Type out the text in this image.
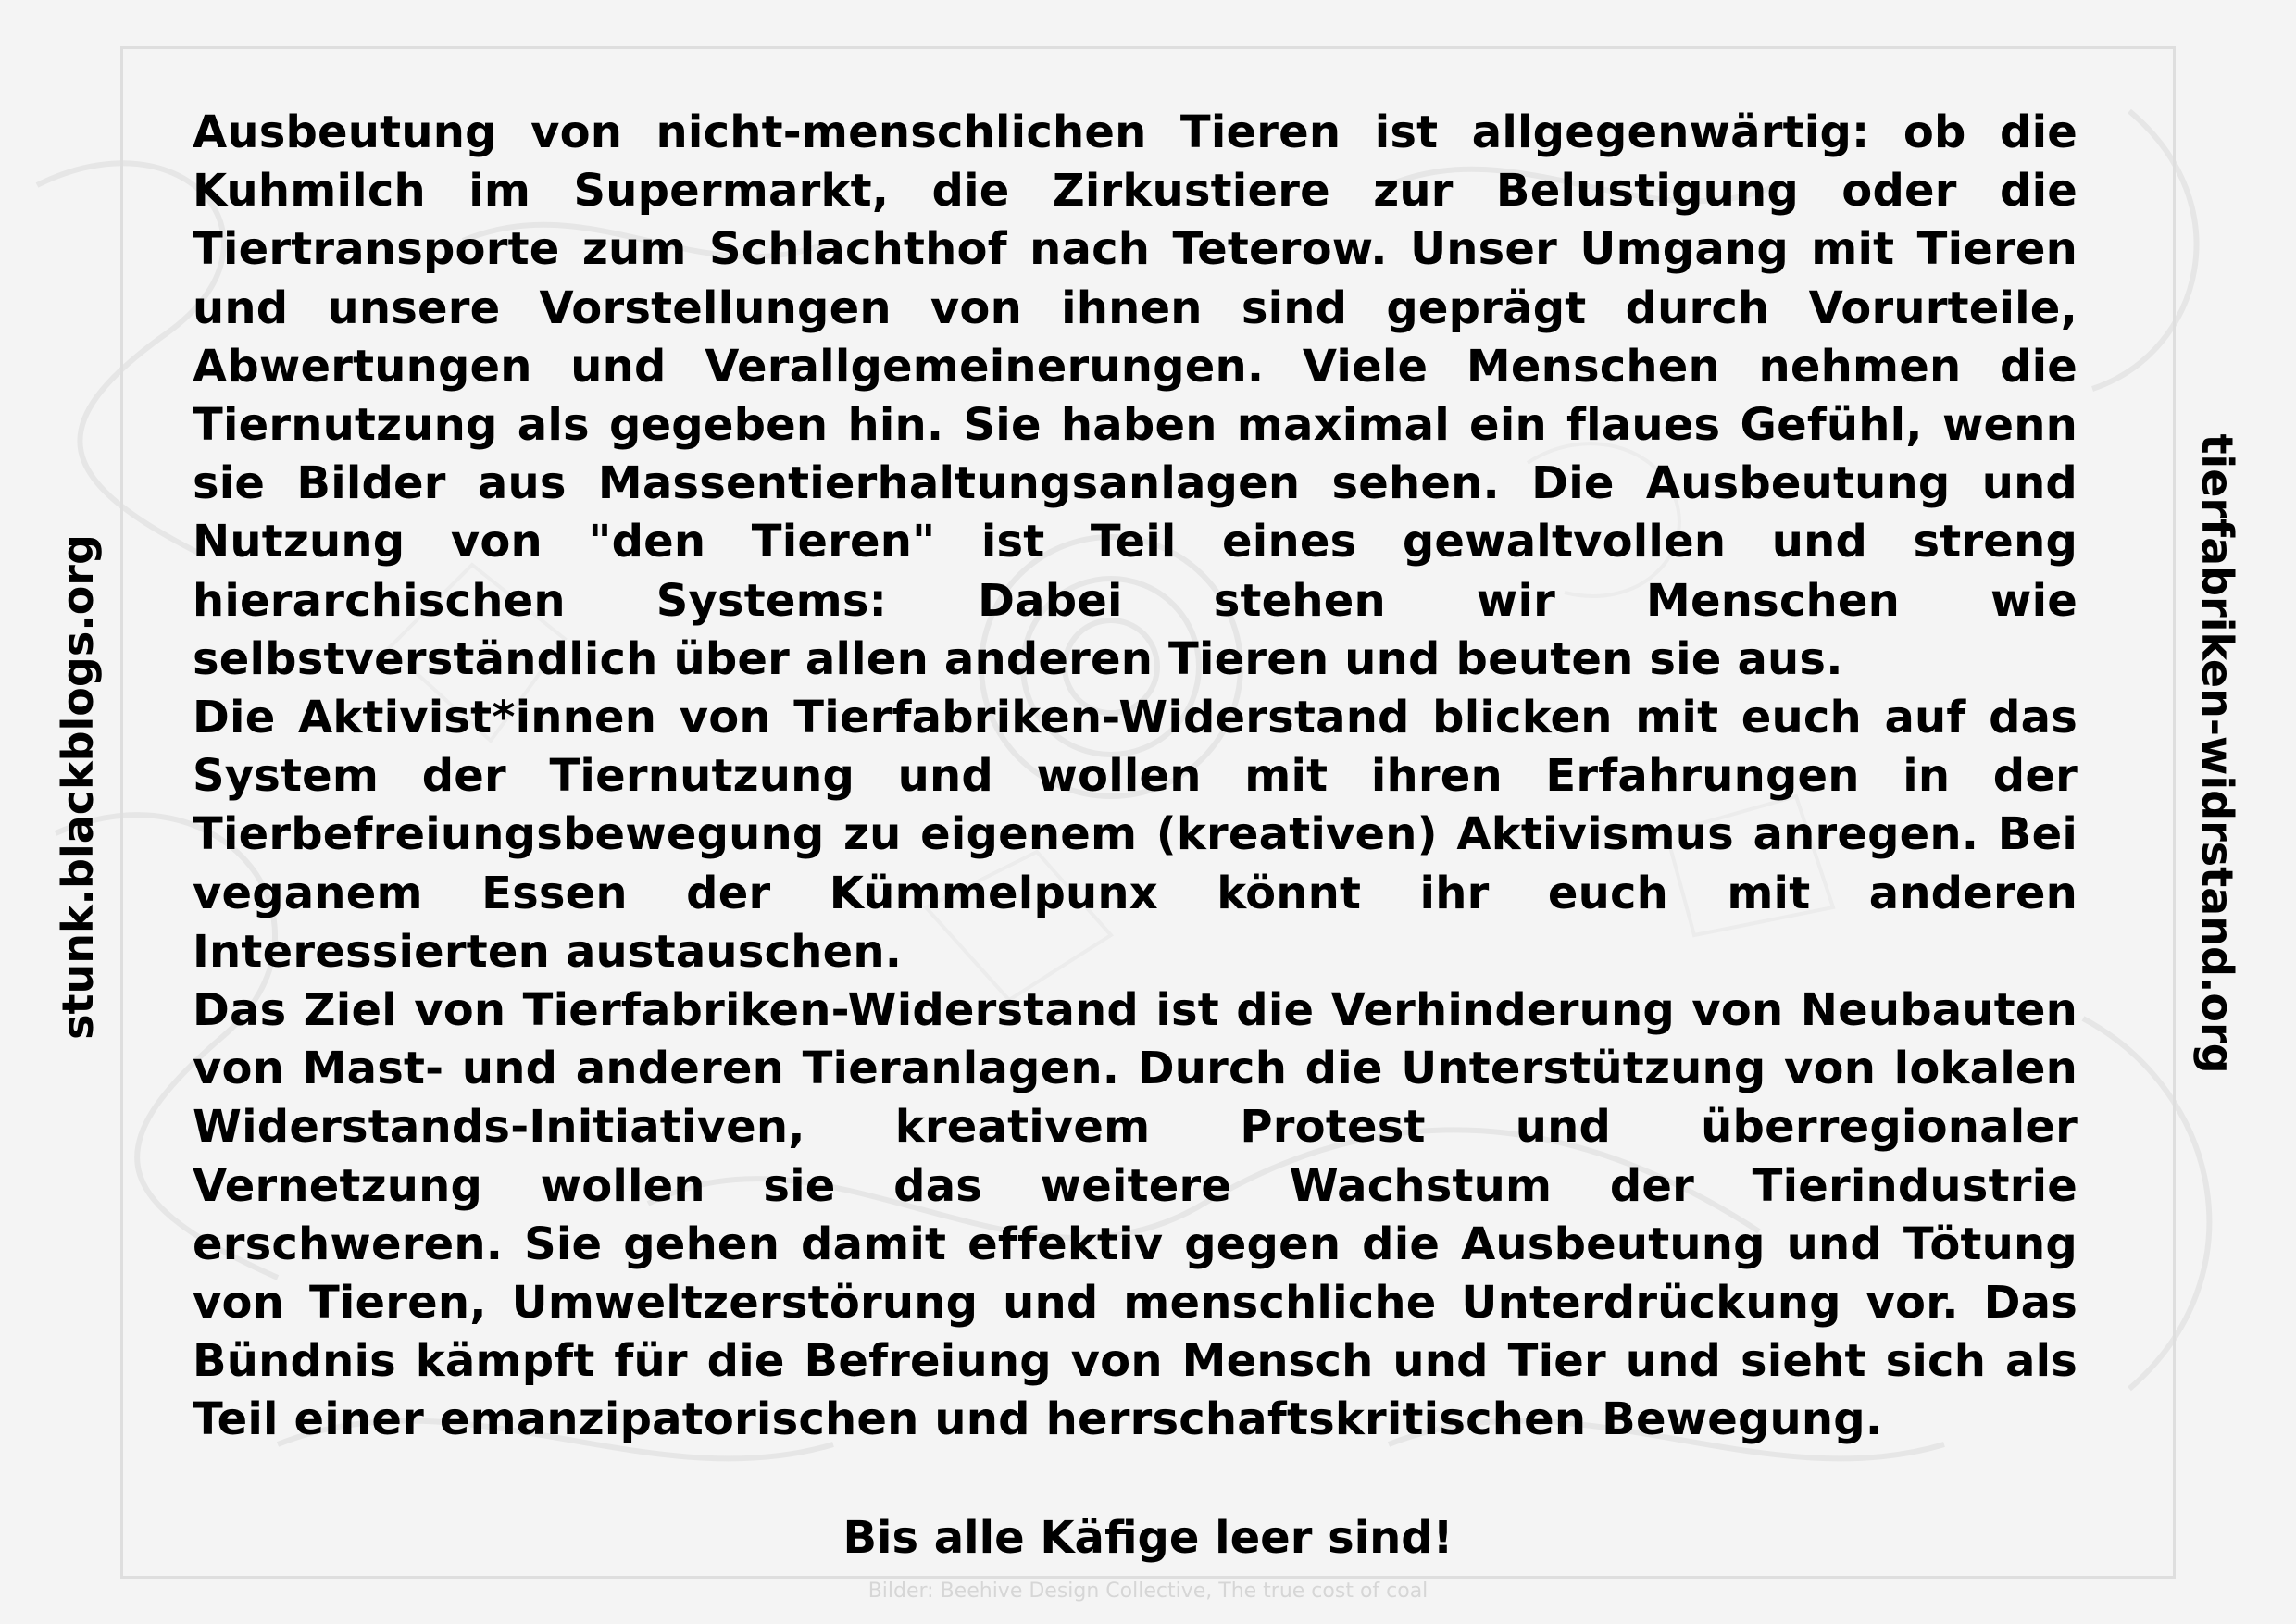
stunk.blackblogs.org	tierfabriken-widrstand.org

Ausbeutung von nicht-menschlichen Tieren ist allgegenwärtig: ob die Kuhmilch im Supermarkt, die Zirkustiere zur Belustigung oder die Tiertransporte zum Schlachthof nach Teterow. Unser Umgang mit Tieren und unsere Vorstellungen von ihnen sind geprägt durch Vorurteile, Abwertungen und Verallgemeinerungen. Viele Menschen nehmen die Tiernutzung als gegeben hin. Sie haben maximal ein flaues Gefühl, wenn sie Bilder aus Massentierhaltungsanlagen sehen. Die Ausbeutung und Nutzung von "den Tieren" ist Teil eines gewaltvollen und streng hierarchischen Systems: Dabei stehen wir Menschen wie selbstverständlich über allen anderen Tieren und beuten sie aus.

Die Aktivist*innen von Tierfabriken-Widerstand blicken mit euch auf das System der Tiernutzung und wollen mit ihren Erfahrungen in der Tierbefreiungsbewegung zu eigenem (kreativen) Aktivismus anregen. Bei veganem Essen der Kümmelpunx könnt ihr euch mit anderen Interessierten austauschen.

Das Ziel von Tierfabriken-Widerstand ist die Verhinderung von Neubauten von Mast- und anderen Tieranlagen. Durch die Unterstützung von lokalen Widerstands-Initiativen, kreativem Protest und überregionaler Vernetzung wollen sie das weitere Wachstum der Tierindustrie erschweren. Sie gehen damit effektiv gegen die Ausbeutung und Tötung von Tieren, Umweltzerstörung und menschliche Unterdrückung vor. Das Bündnis kämpft für die Befreiung von Mensch und Tier und sieht sich als Teil einer emanzipatorischen und herrschaftskritischen Bewegung.

Bis alle Käfige leer sind!
Bilder: Beehive Design Collective, The true cost of coal
